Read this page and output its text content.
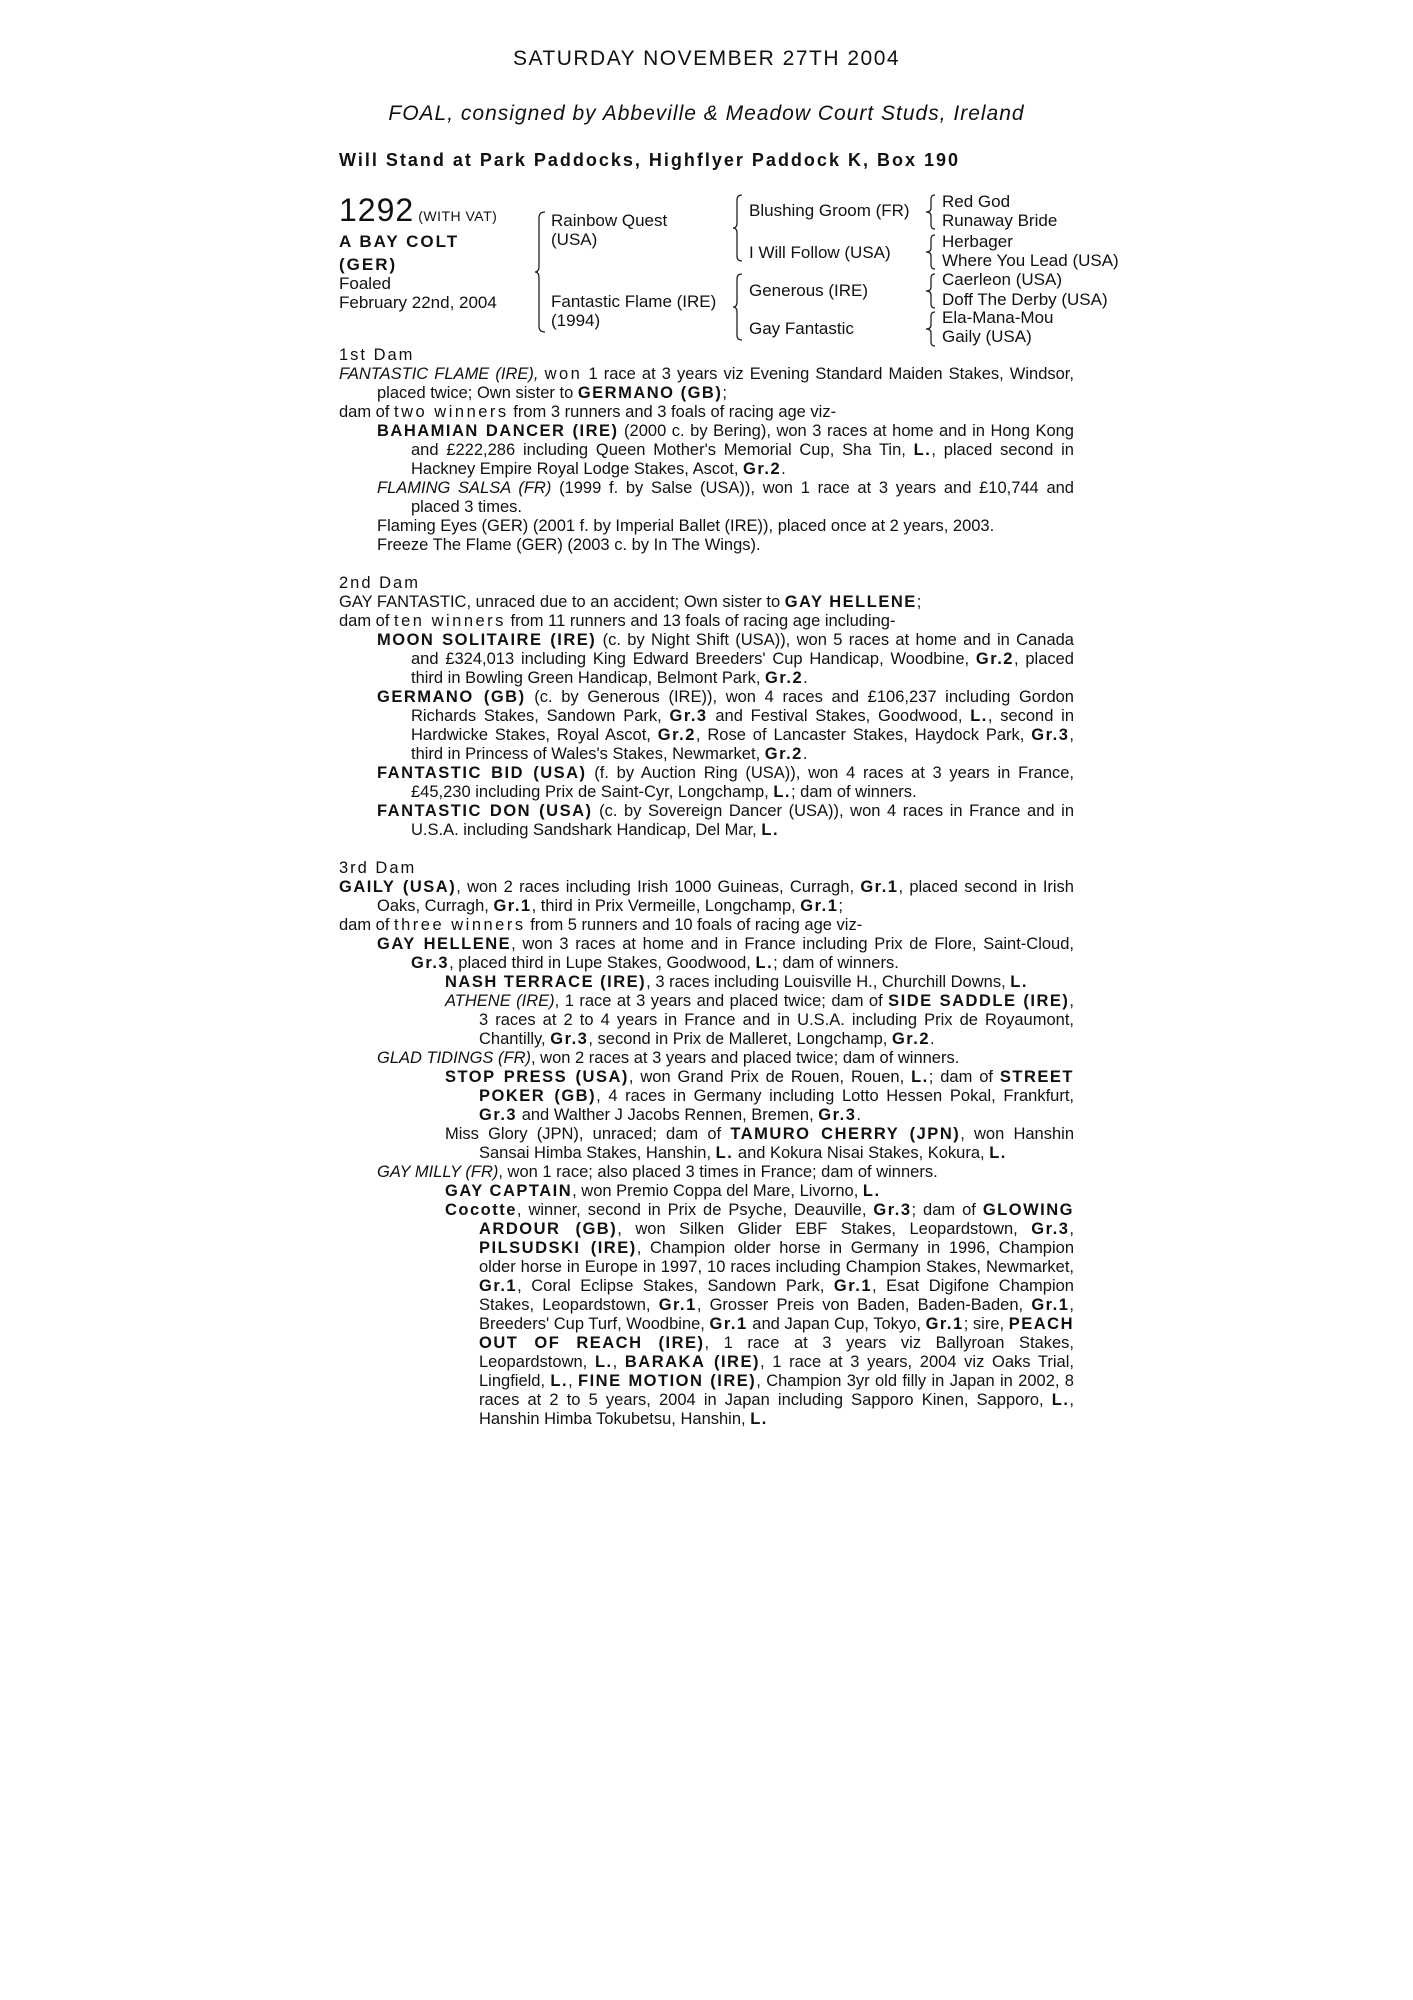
SATURDAY NOVEMBER 27TH 2004
FOAL, consigned by Abbeville & Meadow Court Studs, Ireland
Will Stand at Park Paddocks, Highflyer Paddock K, Box 190
1292 (WITH VAT)
A BAY COLT
(GER)
Foaled
February 22nd, 2004
Rainbow Quest
(USA)
Fantastic Flame (IRE)
(1994)
Blushing Groom (FR)
I Will Follow (USA)
Generous (IRE)
Gay Fantastic
Red God
Runaway Bride
Herbager
Where You Lead (USA)
Caerleon (USA)
Doff The Derby (USA)
Ela-Mana-Mou
Gaily (USA)
1st Dam
FANTASTIC FLAME (IRE), won 1 race at 3 years viz Evening Standard Maiden Stakes, Windsor, placed twice; Own sister to GERMANO (GB);
dam of two winners from 3 runners and 3 foals of racing age viz-
BAHAMIAN DANCER (IRE) (2000 c. by Bering), won 3 races at home and in Hong Kong and £222,286 including Queen Mother's Memorial Cup, Sha Tin, L., placed second in Hackney Empire Royal Lodge Stakes, Ascot, Gr.2.
FLAMING SALSA (FR) (1999 f. by Salse (USA)), won 1 race at 3 years and £10,744 and placed 3 times.
Flaming Eyes (GER) (2001 f. by Imperial Ballet (IRE)), placed once at 2 years, 2003.
Freeze The Flame (GER) (2003 c. by In The Wings).
2nd Dam
GAY FANTASTIC, unraced due to an accident; Own sister to GAY HELLENE;
dam of ten winners from 11 runners and 13 foals of racing age including-
MOON SOLITAIRE (IRE) (c. by Night Shift (USA)), won 5 races at home and in Canada and £324,013 including King Edward Breeders' Cup Handicap, Woodbine, Gr.2, placed third in Bowling Green Handicap, Belmont Park, Gr.2.
GERMANO (GB) (c. by Generous (IRE)), won 4 races and £106,237 including Gordon Richards Stakes, Sandown Park, Gr.3 and Festival Stakes, Goodwood, L., second in Hardwicke Stakes, Royal Ascot, Gr.2, Rose of Lancaster Stakes, Haydock Park, Gr.3, third in Princess of Wales's Stakes, Newmarket, Gr.2.
FANTASTIC BID (USA) (f. by Auction Ring (USA)), won 4 races at 3 years in France, £45,230 including Prix de Saint-Cyr, Longchamp, L.; dam of winners.
FANTASTIC DON (USA) (c. by Sovereign Dancer (USA)), won 4 races in France and in U.S.A. including Sandshark Handicap, Del Mar, L.
3rd Dam
GAILY (USA), won 2 races including Irish 1000 Guineas, Curragh, Gr.1, placed second in Irish Oaks, Curragh, Gr.1, third in Prix Vermeille, Longchamp, Gr.1;
dam of three winners from 5 runners and 10 foals of racing age viz-
GAY HELLENE, won 3 races at home and in France including Prix de Flore, Saint-Cloud, Gr.3, placed third in Lupe Stakes, Goodwood, L.; dam of winners.
NASH TERRACE (IRE), 3 races including Louisville H., Churchill Downs, L.
ATHENE (IRE), 1 race at 3 years and placed twice; dam of SIDE SADDLE (IRE), 3 races at 2 to 4 years in France and in U.S.A. including Prix de Royaumont, Chantilly, Gr.3, second in Prix de Malleret, Longchamp, Gr.2.
GLAD TIDINGS (FR), won 2 races at 3 years and placed twice; dam of winners.
STOP PRESS (USA), won Grand Prix de Rouen, Rouen, L.; dam of STREET POKER (GB), 4 races in Germany including Lotto Hessen Pokal, Frankfurt, Gr.3 and Walther J Jacobs Rennen, Bremen, Gr.3.
Miss Glory (JPN), unraced; dam of TAMURO CHERRY (JPN), won Hanshin Sansai Himba Stakes, Hanshin, L. and Kokura Nisai Stakes, Kokura, L.
GAY MILLY (FR), won 1 race; also placed 3 times in France; dam of winners.
GAY CAPTAIN, won Premio Coppa del Mare, Livorno, L.
Cocotte, winner, second in Prix de Psyche, Deauville, Gr.3; dam of GLOWING ARDOUR (GB), won Silken Glider EBF Stakes, Leopardstown, Gr.3, PILSUDSKI (IRE), Champion older horse in Germany in 1996, Champion older horse in Europe in 1997, 10 races including Champion Stakes, Newmarket, Gr.1, Coral Eclipse Stakes, Sandown Park, Gr.1, Esat Digifone Champion Stakes, Leopardstown, Gr.1, Grosser Preis von Baden, Baden-Baden, Gr.1, Breeders' Cup Turf, Woodbine, Gr.1 and Japan Cup, Tokyo, Gr.1; sire, PEACH OUT OF REACH (IRE), 1 race at 3 years viz Ballyroan Stakes, Leopardstown, L., BARAKA (IRE), 1 race at 3 years, 2004 viz Oaks Trial, Lingfield, L., FINE MOTION (IRE), Champion 3yr old filly in Japan in 2002, 8 races at 2 to 5 years, 2004 in Japan including Sapporo Kinen, Sapporo, L., Hanshin Himba Tokubetsu, Hanshin, L.
